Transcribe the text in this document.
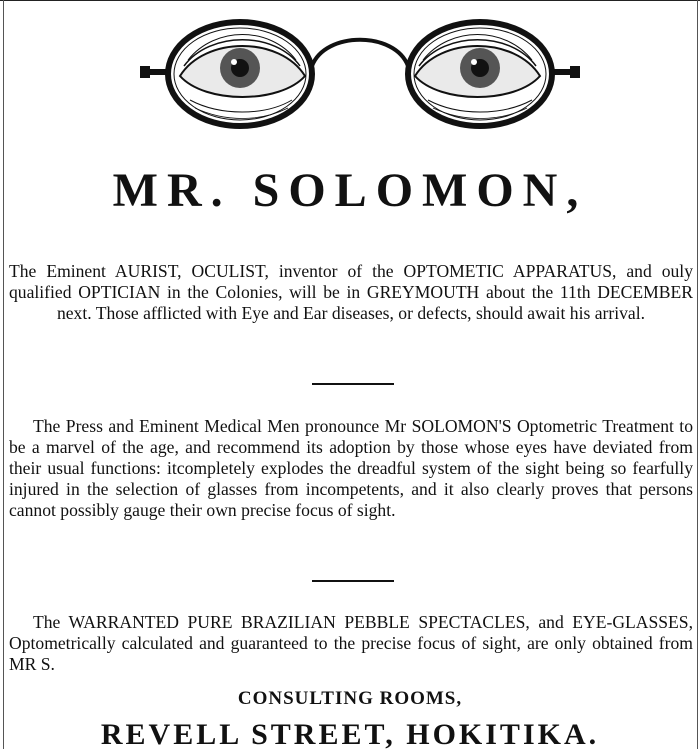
MR. SOLOMON,

The Eminent AURIST, OCULIST, inventor of the OPTOMETIC APPARATUS, and ouly qualified OPTICIAN in the Colonies, will be in GREYMOUTH about the 11th DECEMBER next. Those afflicted with Eye and Ear diseases, or defects, should await his arrival.

The Press and Eminent Medical Men pronounce Mr SOLOMON'S Optometric Treatment to be a marvel of the age, and recommend its adoption by those whose eyes have deviated from their usual functions: itcompletely explodes the dreadful system of the sight being so fearfully injured in the selection of glasses from incompetents, and it also clearly proves that persons cannot possibly gauge their own precise focus of sight.

The WARRANTED PURE BRAZILIAN PEBBLE SPECTACLES, and EYE-GLASSES, Optometrically calculated and guaranteed to the precise focus of sight, are only obtained from MR S.

CONSULTING ROOMS,
REVELL STREET, HOKITIKA.
